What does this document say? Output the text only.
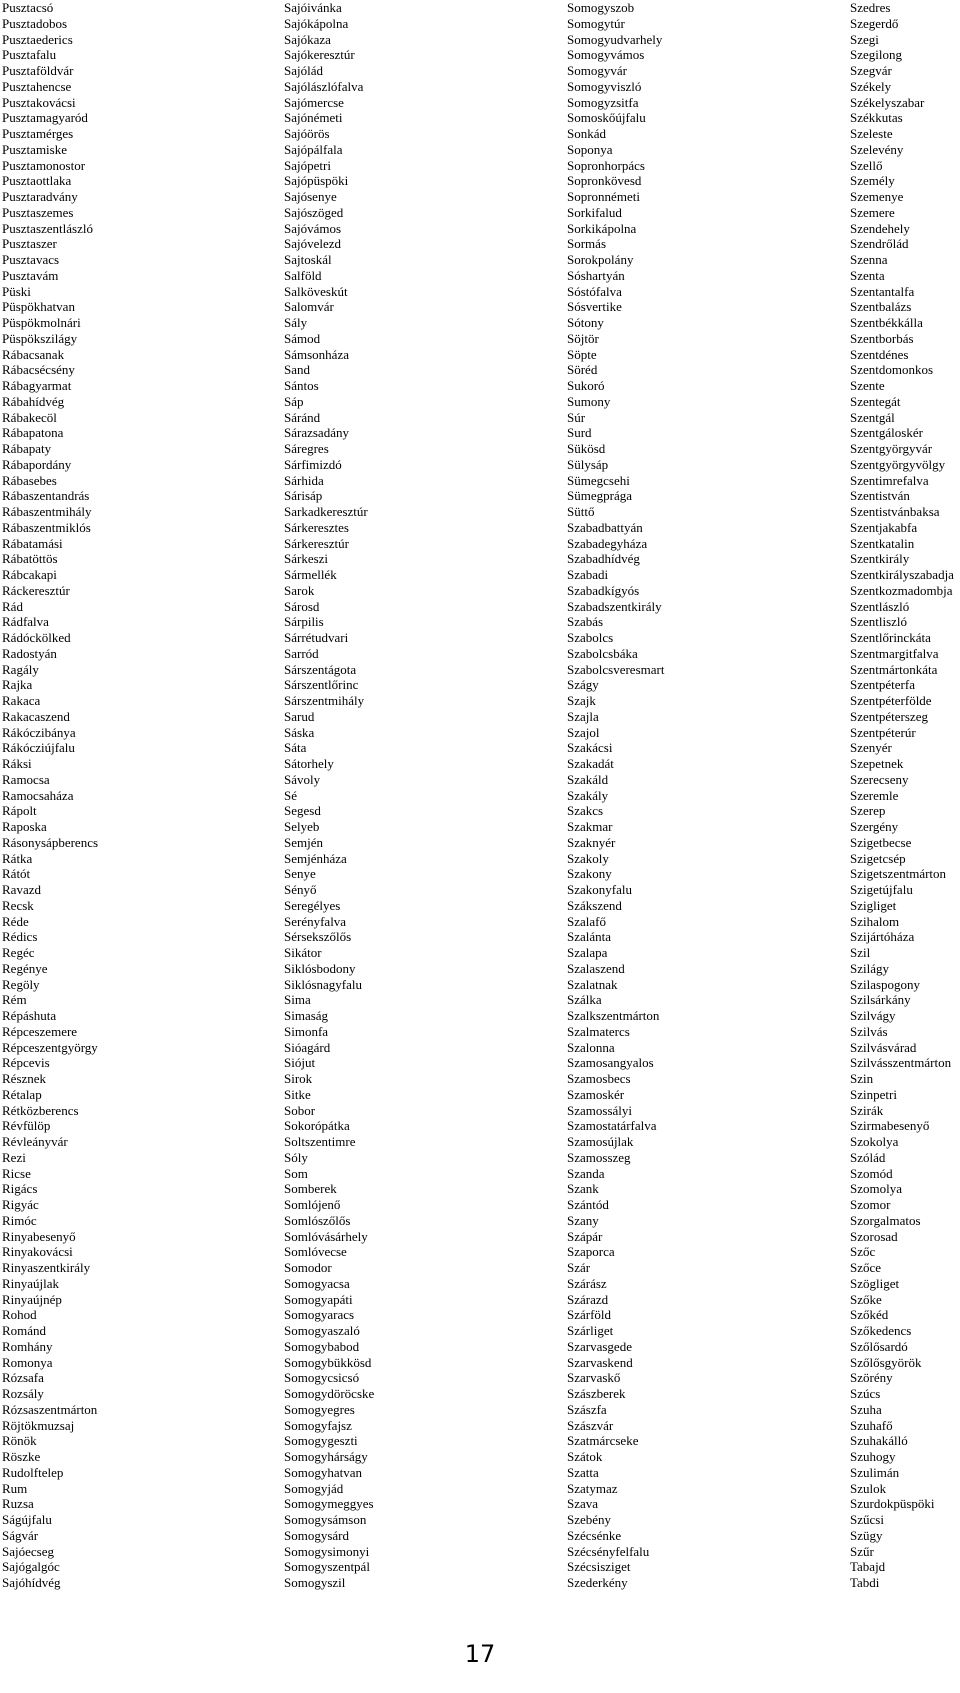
Pusztacsó
Pusztadobos
Pusztaederics
Pusztafalu
Pusztaföldvár
Pusztahencse
Pusztakovácsi
Pusztamagyaród
Pusztamérges
Pusztamiske
Pusztamonostor
Pusztaottlaka
Pusztaradvány
Pusztaszemes
Pusztaszentlászló
Pusztaszer
Pusztavacs
Pusztavám
Püski
Püspökhatvan
Püspökmolnári
Püspökszilágy
Rábacsanak
Rábacsécsény
Rábagyarmat
Rábahídvég
Rábakecöl
Rábapatona
Rábapaty
Rábapordány
Rábasebes
Rábaszentandrás
Rábaszentmihály
Rábaszentmiklós
Rábatamási
Rábatöttös
Rábcakapi
Ráckeresztúr
Rád
Rádfalva
Rádóckölked
Radostyán
Ragály
Rajka
Rakaca
Rakacaszend
Rákóczibánya
Rákócziújfalu
Ráksi
Ramocsa
Ramocsaháza
Rápolt
Raposka
Rásonysápberencs
Rátka
Rátót
Ravazd
Recsk
Réde
Rédics
Regéc
Regénye
Regöly
Rém
Répáshuta
Répceszemere
Répceszentgyörgy
Répcevis
Résznek
Rétalap
Rétközberencs
Révfülöp
Révleányvár
Rezi
Ricse
Rigács
Rigyác
Rimóc
Rinyabesenyő
Rinyakovácsi
Rinyaszentkirály
Rinyaújlak
Rinyaújnép
Rohod
Románd
Romhány
Romonya
Rózsafa
Rozsály
Rózsaszentmárton
Röjtökmuzsaj
Rönök
Röszke
Rudolftelep
Rum
Ruzsa
Ságújfalu
Ságvár
Sajóecseg
Sajógalgóc
Sajóhídvég
Sajóivánka
Sajókápolna
Sajókaza
Sajókeresztúr
Sajólád
Sajólászlófalva
Sajómercse
Sajónémeti
Sajóörös
Sajópálfala
Sajópetri
Sajópüspöki
Sajósenye
Sajószöged
Sajóvámos
Sajóvelezd
Sajtoskál
Salföld
Salköveskút
Salomvár
Sály
Sámod
Sámsonháza
Sand
Sántos
Sáp
Sáránd
Sárazsadány
Sáregres
Sárfimizdó
Sárhida
Sárisáp
Sarkadkeresztúr
Sárkeresztes
Sárkeresztúr
Sárkeszi
Sármellék
Sarok
Sárosd
Sárpilis
Sárrétudvari
Sarród
Sárszentágota
Sárszentlőrinc
Sárszentmihály
Sarud
Sáska
Sáta
Sátorhely
Sávoly
Sé
Segesd
Selyeb
Semjén
Semjénháza
Senye
Sényő
Seregélyes
Serényfalva
Sérsekszőlős
Sikátor
Siklósbodony
Siklósnagyfalu
Sima
Simaság
Simonfa
Sióagárd
Siójut
Sirok
Sitke
Sobor
Sokorópátka
Soltszentimre
Sóly
Som
Somberek
Somlójenő
Somlószőlős
Somlóvásárhely
Somlóvecse
Somodor
Somogyacsa
Somogyapáti
Somogyaracs
Somogyaszaló
Somogybabod
Somogybükkösd
Somogycsicsó
Somogydöröcske
Somogyegres
Somogyfajsz
Somogygeszti
Somogyhárságy
Somogyhatvan
Somogyjád
Somogymeggyes
Somogysámson
Somogysárd
Somogysimonyi
Somogyszentpál
Somogyszil
Somogyszob
Somogytúr
Somogyudvarhely
Somogyvámos
Somogyvár
Somogyviszló
Somogyzsitfa
Somoskőújfalu
Sonkád
Soponya
Sopronhorpács
Sopronkövesd
Sopronnémeti
Sorkifalud
Sorkikápolna
Sormás
Sorokpolány
Sóshartyán
Sóstófalva
Sósvertike
Sótony
Söjtör
Söpte
Söréd
Sukoró
Sumony
Súr
Surd
Sükösd
Sülysáp
Sümegcsehi
Sümegprága
Süttő
Szabadbattyán
Szabadegyháza
Szabadhídvég
Szabadi
Szabadkígyós
Szabadszentkirály
Szabás
Szabolcs
Szabolcsbáka
Szabolcsveresmart
Szágy
Szajk
Szajla
Szajol
Szakácsi
Szakadát
Szakáld
Szakály
Szakcs
Szakmar
Szaknyér
Szakoly
Szakony
Szakonyfalu
Szákszend
Szalafő
Szalánta
Szalapa
Szalaszend
Szalatnak
Szálka
Szalkszentmárton
Szalmatercs
Szalonna
Szamosangyalos
Szamosbecs
Szamoskér
Szamossályi
Szamostatárfalva
Szamosújlak
Szamosszeg
Szanda
Szank
Szántód
Szany
Szápár
Szaporca
Szár
Szárász
Szárazd
Szárföld
Szárliget
Szarvasgede
Szarvaskend
Szarvaskő
Szászberek
Szászfa
Szászvár
Szatmárcseke
Szátok
Szatta
Szatymaz
Szava
Szebény
Szécsénke
Szécsényfelfalu
Szécsisziget
Szederkény
Szedres
Szegerdő
Szegi
Szegilong
Szegvár
Székely
Székelyszabar
Székkutas
Szeleste
Szelevény
Szellő
Személy
Szemenye
Szemere
Szendehely
Szendrőlád
Szenna
Szenta
Szentantalfa
Szentbalázs
Szentbékkálla
Szentborbás
Szentdénes
Szentdomonkos
Szente
Szentegát
Szentgál
Szentgáloskér
Szentgyörgyvár
Szentgyörgyvölgy
Szentimrefalva
Szentistván
Szentistvánbaksa
Szentjakabfa
Szentkatalin
Szentkirály
Szentkirályszabadja
Szentkozmadombja
Szentlászló
Szentliszló
Szentlőrinckáta
Szentmargitfalva
Szentmártonkáta
Szentpéterfa
Szentpéterfölde
Szentpéterszeg
Szentpéterúr
Szenyér
Szepetnek
Szerecseny
Szeremle
Szerep
Szergény
Szigetbecse
Szigetcsép
Szigetszentmárton
Szigetújfalu
Szigliget
Szihalom
Szijártóháza
Szil
Szilágy
Szilaspogony
Szilsárkány
Szilvágy
Szilvás
Szilvásvárad
Szilvásszentmárton
Szin
Szinpetri
Szirák
Szirmabesenyő
Szokolya
Szólád
Szomód
Szomolya
Szomor
Szorgalmatos
Szorosad
Szőc
Szőce
Szögliget
Szőke
Szőkéd
Szőkedencs
Szőlősardó
Szőlősgyörök
Szörény
Szúcs
Szuha
Szuhafő
Szuhakálló
Szuhogy
Szulimán
Szulok
Szurdokpüspöki
Szűcsi
Szügy
Szűr
Tabajd
Tabdi
17
